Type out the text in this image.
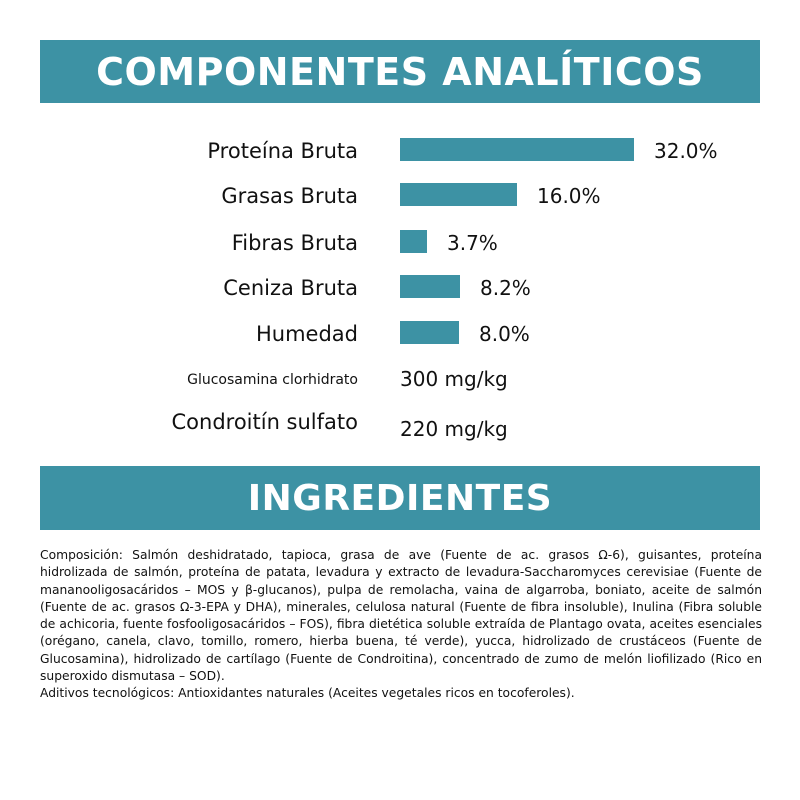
COMPONENTES ANALÍTICOS
Proteína Bruta	32.0%
Grasas Bruta	16.0%
Fibras Bruta	3.7%
Ceniza Bruta	8.2%
Humedad	8.0%
Glucosamina clorhidrato 300 mg/kg
Condroitín sulfato 220 mg/kg
INGREDIENTES

Composición: Salmón deshidratado, tapioca, grasa de ave (Fuente de ac. grasos Ω-6), guisantes, proteína hidrolizada de salmón, proteína de patata, levadura y extracto de levadura-Saccharomyces cerevisiae (Fuente de mananooligosacáridos – MOS y β-glucanos), pulpa de remolacha, vaina de algarroba, boniato, aceite de salmón (Fuente de ac. grasos Ω-3-EPA y DHA), minerales, celulosa natural (Fuente de fibra insoluble), Inulina (Fibra soluble de achicoria, fuente fosfooligosacáridos – FOS), fibra dietética soluble extraída de Plantago ovata, aceites esenciales (orégano, canela, clavo, tomillo, romero, hierba buena, té verde), yucca, hidrolizado de crustáceos (Fuente de Glucosamina), hidrolizado de cartílago (Fuente de Condroitina), concentrado de zumo de melón liofilizado (Rico en superoxido dismutasa – SOD).

Aditivos tecnológicos: Antioxidantes naturales (Aceites vegetales ricos en tocoferoles).
